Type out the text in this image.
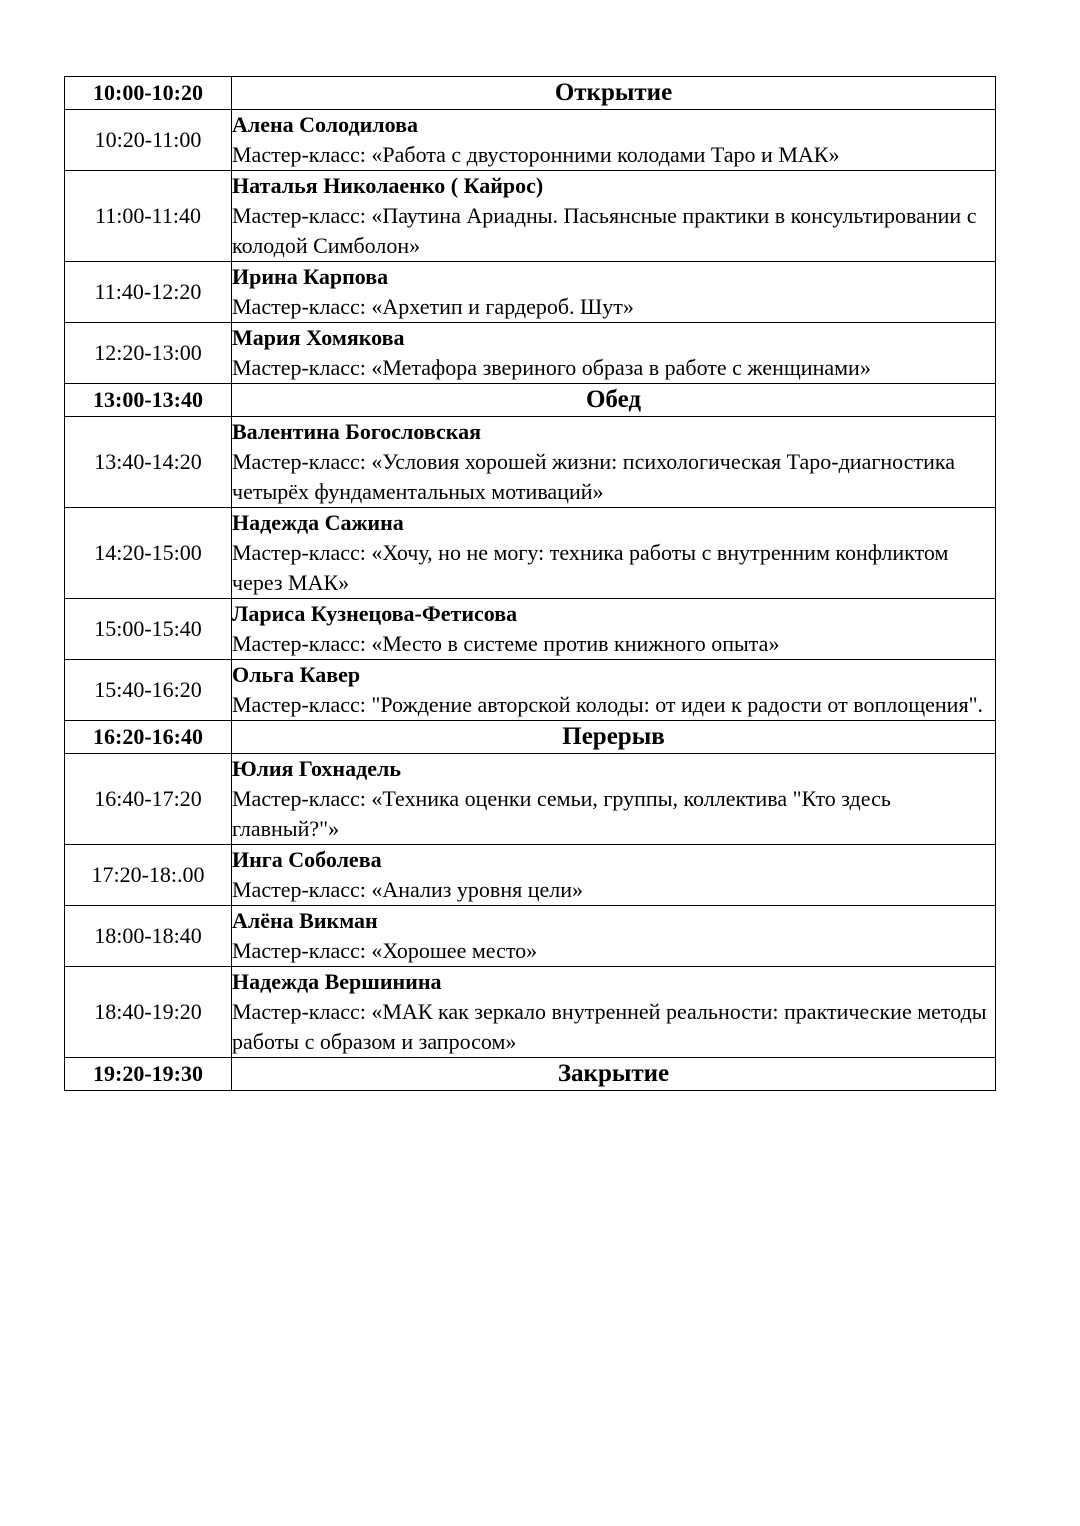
10:00-10:20	Открытие
10:20-11:00	Алена Солодилова
Мастер-класс: «Работа с двусторонними колодами Таро и МАК»

11:00-11:40	Наталья Николаенко ( Кайрос)
Мастер-класс: «Паутина Ариадны. Пасьянсные практики в консультировании с колодой Симболон»

11:40-12:20	Ирина Карпова
Мастер-класс: «Архетип и гардероб. Шут»

12:20-13:00	Мария Хомякова
Мастер-класс: «Метафора звериного образа в работе с женщинами»

13:00-13:40	Обед
13:40-14:20	Валентина Богословская
Мастер-класс: «Условия хорошей жизни: психологическая Таро-диагностика четырёх фундаментальных мотиваций»

14:20-15:00	Надежда Сажина
Мастер-класс: «Хочу, но не могу: техника работы с внутренним конфликтом через МАК»

15:00-15:40	Лариса Кузнецова-Фетисова
Мастер-класс: «Место в системе против книжного опыта»

15:40-16:20	Ольга Кавер
Мастер-класс: "Рождение авторской колоды: от идеи к радости от воплощения".

16:20-16:40	Перерыв
16:40-17:20	Юлия Гохнадель
Мастер-класс: «Техника оценки семьи, группы, коллектива "Кто здесь главный?"»

17:20-18:.00	Инга Соболева
Мастер-класс: «Анализ уровня цели»

18:00-18:40	Алёна Викман
Мастер-класс: «Хорошее место»

18:40-19:20	Надежда Вершинина
Мастер-класс: «МАК как зеркало внутренней реальности: практические методы работы с образом и запросом»

19:20-19:30	Закрытие
